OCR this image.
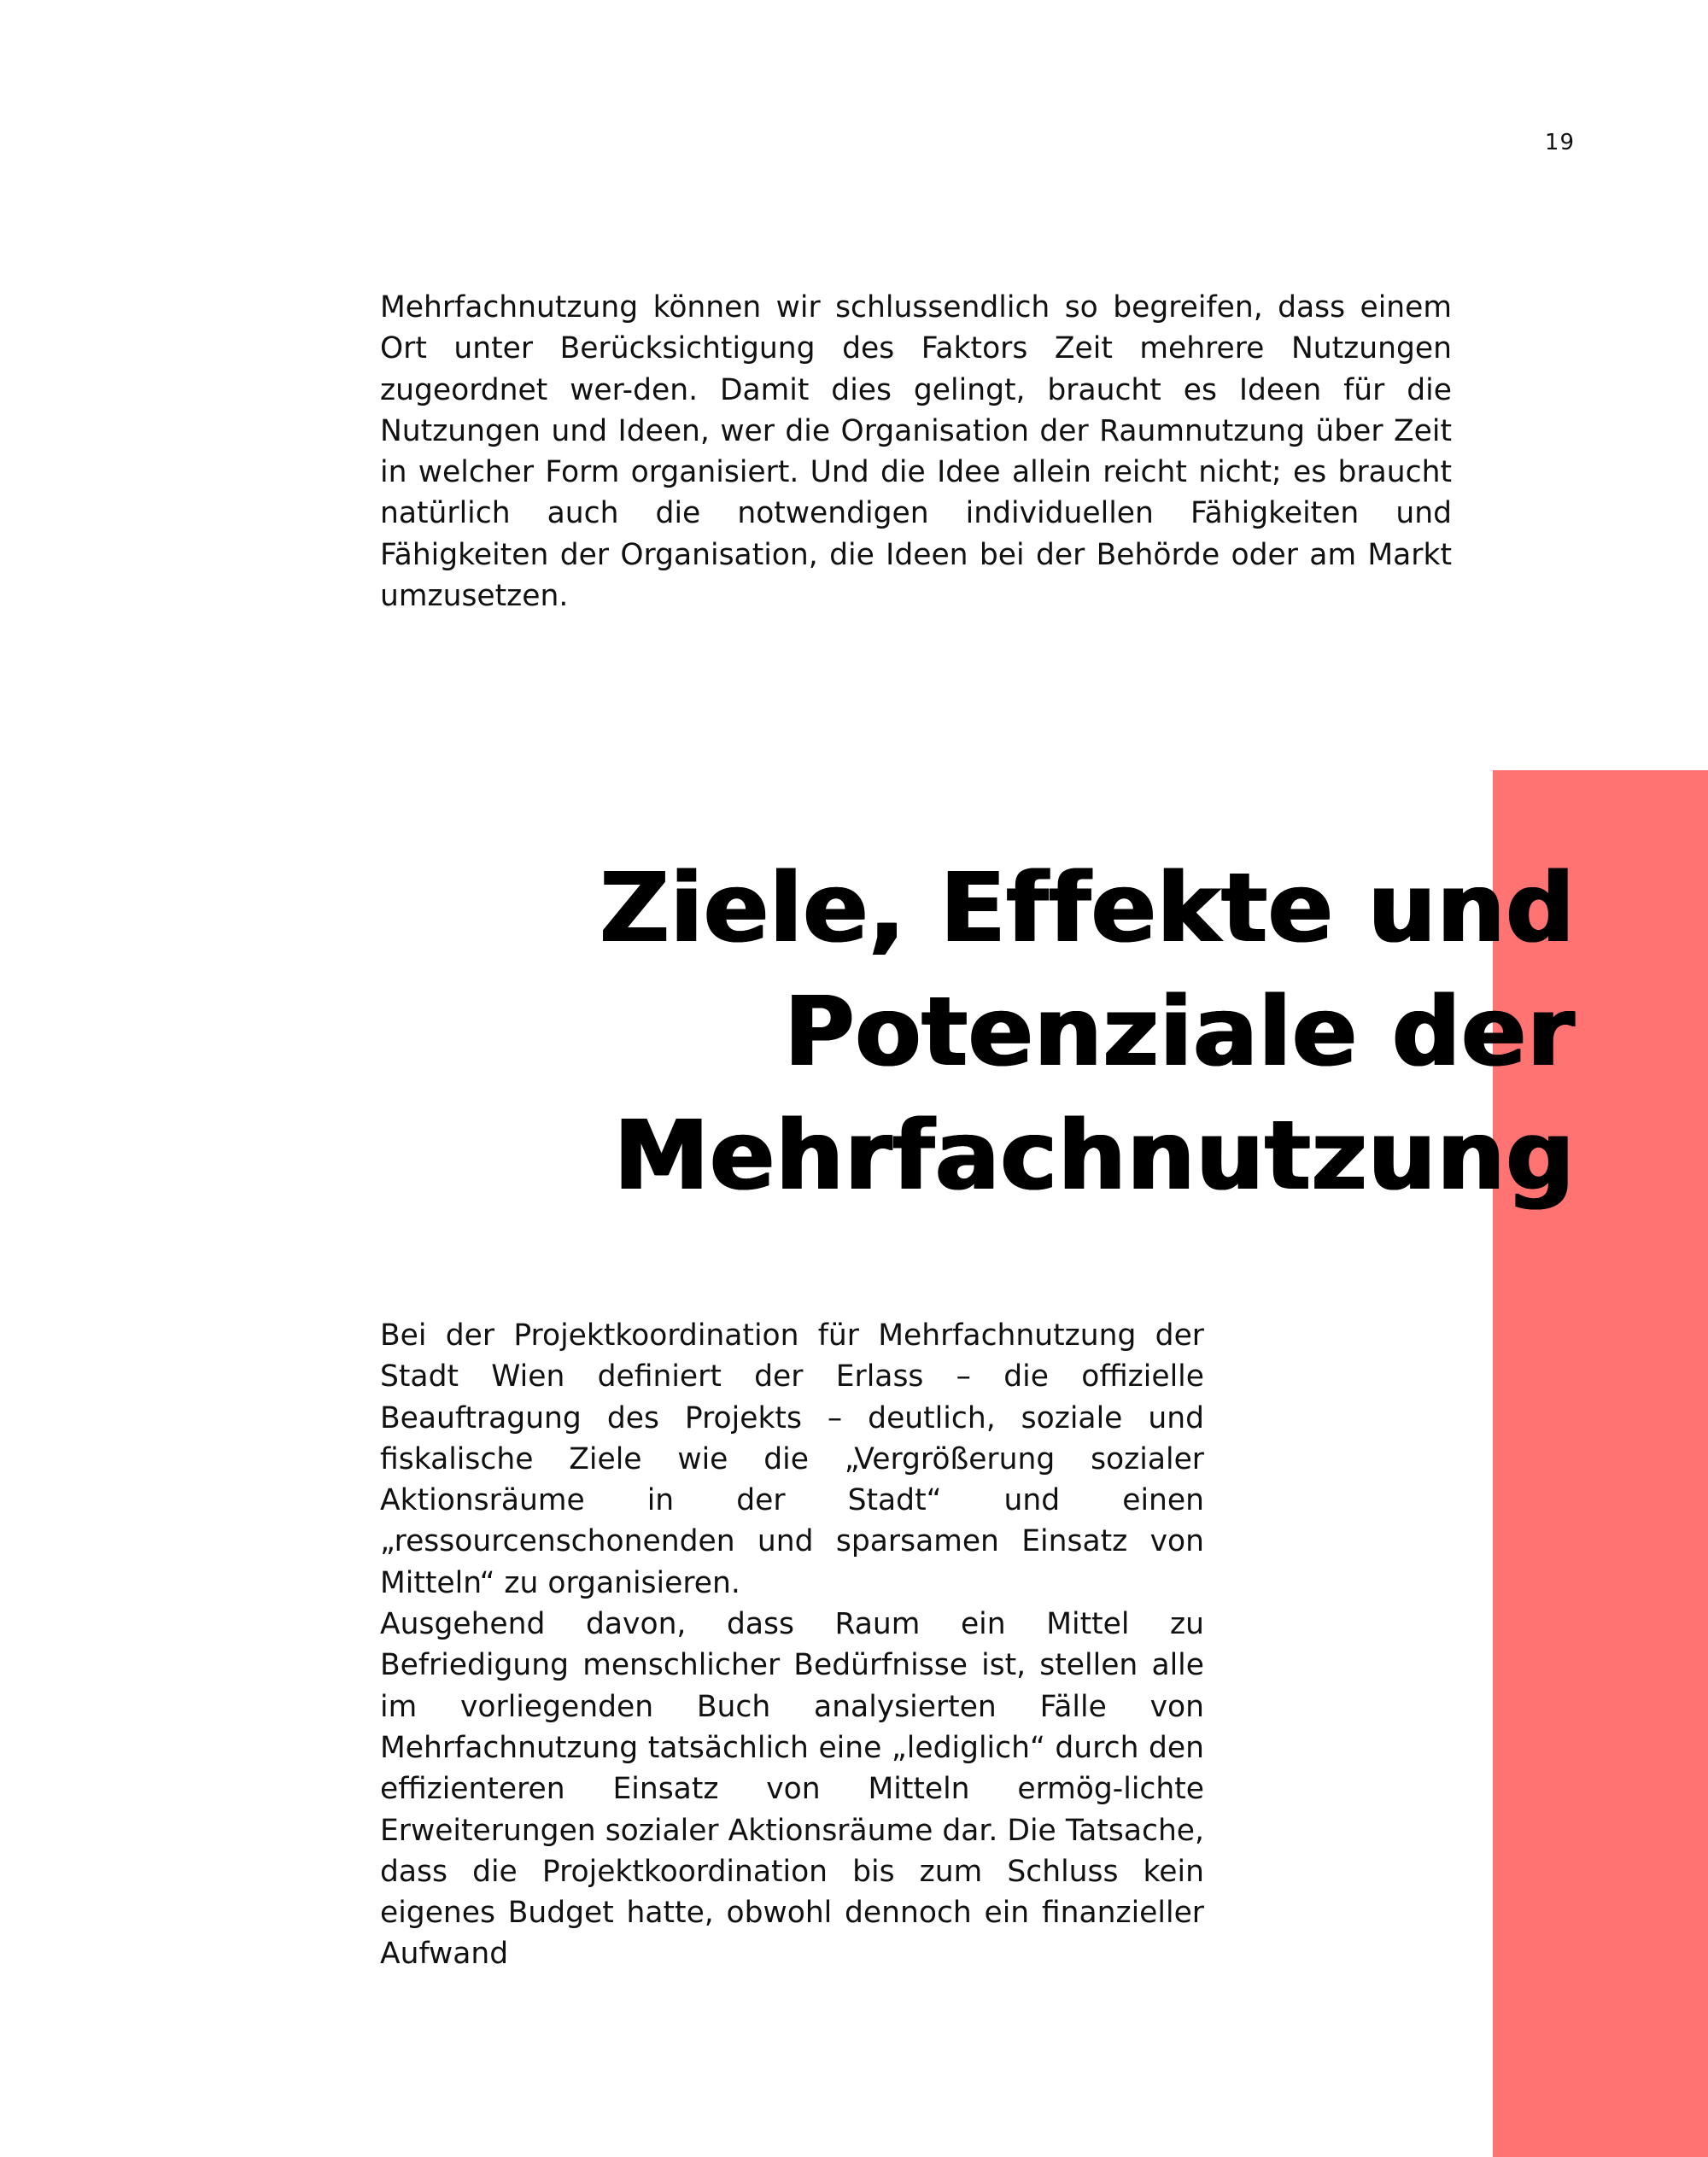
19

Mehrfachnutzung können wir schlussendlich so begreifen, dass einem Ort unter Berücksichtigung des Faktors Zeit mehrere Nutzungen zugeordnet wer-den. Damit dies gelingt, braucht es Ideen für die Nutzungen und Ideen, wer die Organisation der Raumnutzung über Zeit in welcher Form organisiert. Und die Idee allein reicht nicht; es braucht natürlich auch die notwendigen individuellen Fähigkeiten und Fähigkeiten der Organisation, die Ideen bei der Behörde oder am Markt umzusetzen.

Ziele, Effekte und
Potenziale der
Mehrfachnutzung

Bei der Projektkoordination für Mehrfachnutzung der Stadt Wien definiert der Erlass – die offizielle Beauftragung des Projekts – deutlich, soziale und fiskalische Ziele wie die „Vergrößerung sozialer Aktionsräume in der Stadt“ und einen „ressourcenschonenden und sparsamen Einsatz von Mitteln“ zu organisieren.

Ausgehend davon, dass Raum ein Mittel zu Befriedigung menschlicher Bedürfnisse ist, stellen alle im vorliegenden Buch analysierten Fälle von Mehrfachnutzung tatsächlich eine „lediglich“ durch den effizienteren Einsatz von Mitteln ermög-lichte Erweiterungen sozialer Aktionsräume dar. Die Tatsache, dass die Projektkoordination bis zum Schluss kein eigenes Budget hatte, obwohl dennoch ein finanzieller Aufwand
